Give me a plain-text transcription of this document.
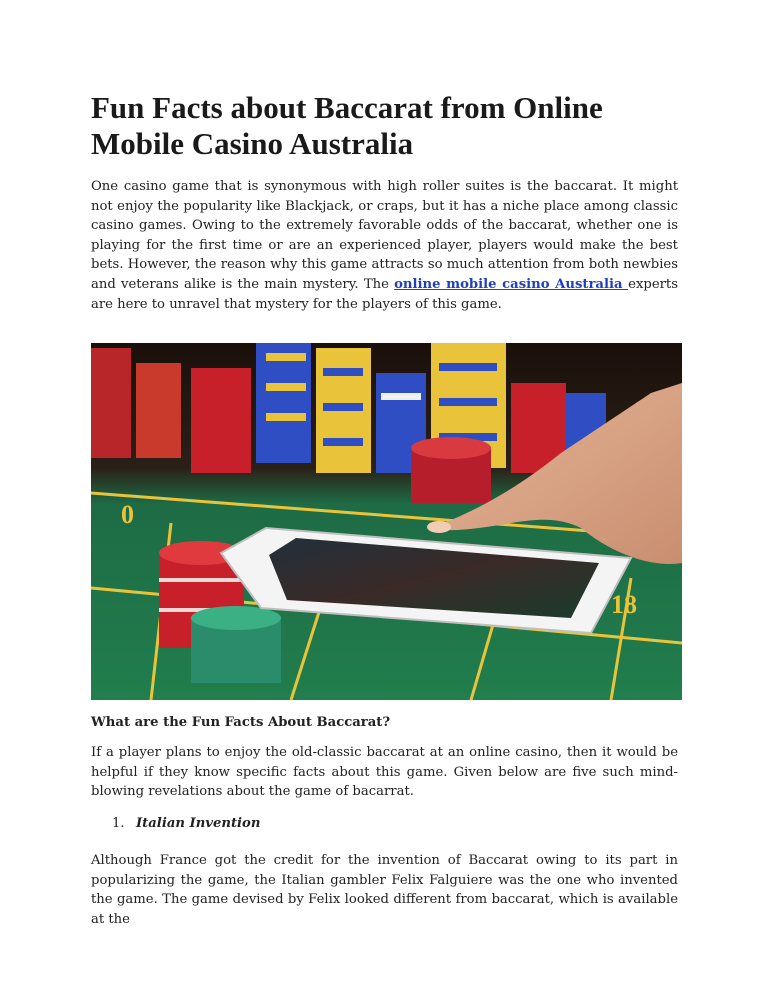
Fun Facts about Baccarat from Online Mobile Casino Australia

One casino game that is synonymous with high roller suites is the baccarat. It might not enjoy the popularity like Blackjack, or craps, but it has a niche place among classic casino games. Owing to the extremely favorable odds of the baccarat, whether one is playing for the first time or are an experienced player, players would make the best bets. However, the reason why this game attracts so much attention from both newbies and veterans alike is the main mystery. The online mobile casino Australia experts are here to unravel that mystery for the players of this game.

0
18
What are the Fun Facts About Baccarat?

If a player plans to enjoy the old-classic baccarat at an online casino, then it would be helpful if they know specific facts about this game. Given below are five such mind-blowing revelations about the game of bacarrat.

1. Italian Invention

Although France got the credit for the invention of Baccarat owing to its part in popularizing the game, the Italian gambler Felix Falguiere was the one who invented the game. The game devised by Felix looked different from baccarat, which is available at the
